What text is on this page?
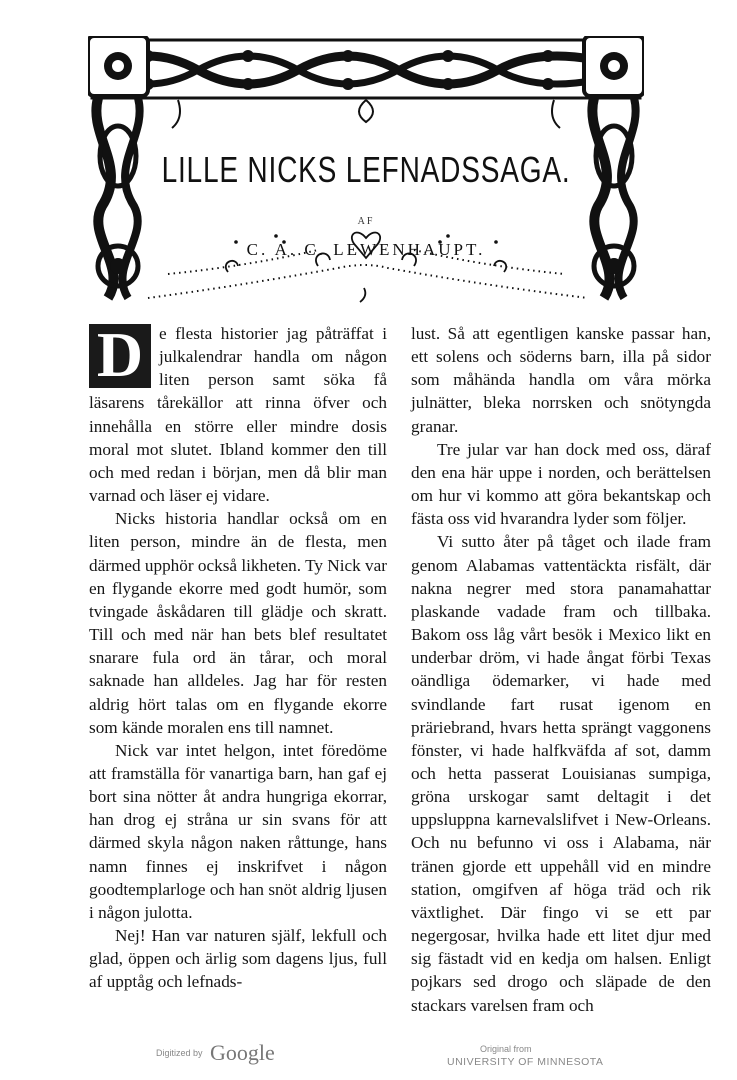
LILLE NICKS LEFNADSSAGA.
AF
C. A. C. LEWENHAUPT.

D e flesta historier jag påträffat i julkalendrar handla om någon liten person samt söka få läsarens tårekällor att rinna öfver och innehålla en större eller mindre dosis moral mot slutet. Ibland kommer den till och med redan i början, men då blir man varnad och läser ej vidare.

Nicks historia handlar också om en liten person, mindre än de flesta, men därmed upphör också likheten. Ty Nick var en flygande ekorre med godt humör, som tvingade åskådaren till glädje och skratt. Till och med när han bets blef resultatet snarare fula ord än tårar, och moral saknade han alldeles. Jag har för resten aldrig hört talas om en flygande ekorre som kände moralen ens till namnet.

Nick var intet helgon, intet föredöme att framställa för vanartiga barn, han gaf ej bort sina nötter åt andra hungriga ekorrar, han drog ej stråna ur sin svans för att därmed skyla någon naken råttunge, hans namn finnes ej inskrifvet i någon goodtemplarloge och han snöt aldrig ljusen i någon julotta.

Nej! Han var naturen själf, lekfull och glad, öppen och ärlig som dagens ljus, full af upptåg och lefnads-

lust. Så att egentligen kanske passar han, ett solens och söderns barn, illa på sidor som måhända handla om våra mörka julnätter, bleka norrsken och snötyngda granar.

Tre jular var han dock med oss, däraf den ena här uppe i norden, och berättelsen om hur vi kommo att göra bekantskap och fästa oss vid hvarandra lyder som följer.

Vi sutto åter på tåget och ilade fram genom Alabamas vattentäckta risfält, där nakna negrer med stora panamahattar plaskande vadade fram och tillbaka. Bakom oss låg vårt besök i Mexico likt en underbar dröm, vi hade ångat förbi Texas oändliga ödemarker, vi hade med svindlande fart rusat igenom en präriebrand, hvars hetta sprängt vaggonens fönster, vi hade halfkväfda af sot, damm och hetta passerat Louisianas sumpiga, gröna urskogar samt deltagit i det uppsluppna karnevalslifvet i New-Orleans. Och nu befunno vi oss i Alabama, när tränen gjorde ett uppehåll vid en mindre station, omgifven af höga träd och rik växtlighet. Där fingo vi se ett par negergosar, hvilka hade ett litet djur med sig fästadt vid en kedja om halsen. Enligt pojkars sed drogo och släpade de den stackars varelsen fram och

Digitized by Google	Original from
UNIVERSITY OF MINNESOTA
